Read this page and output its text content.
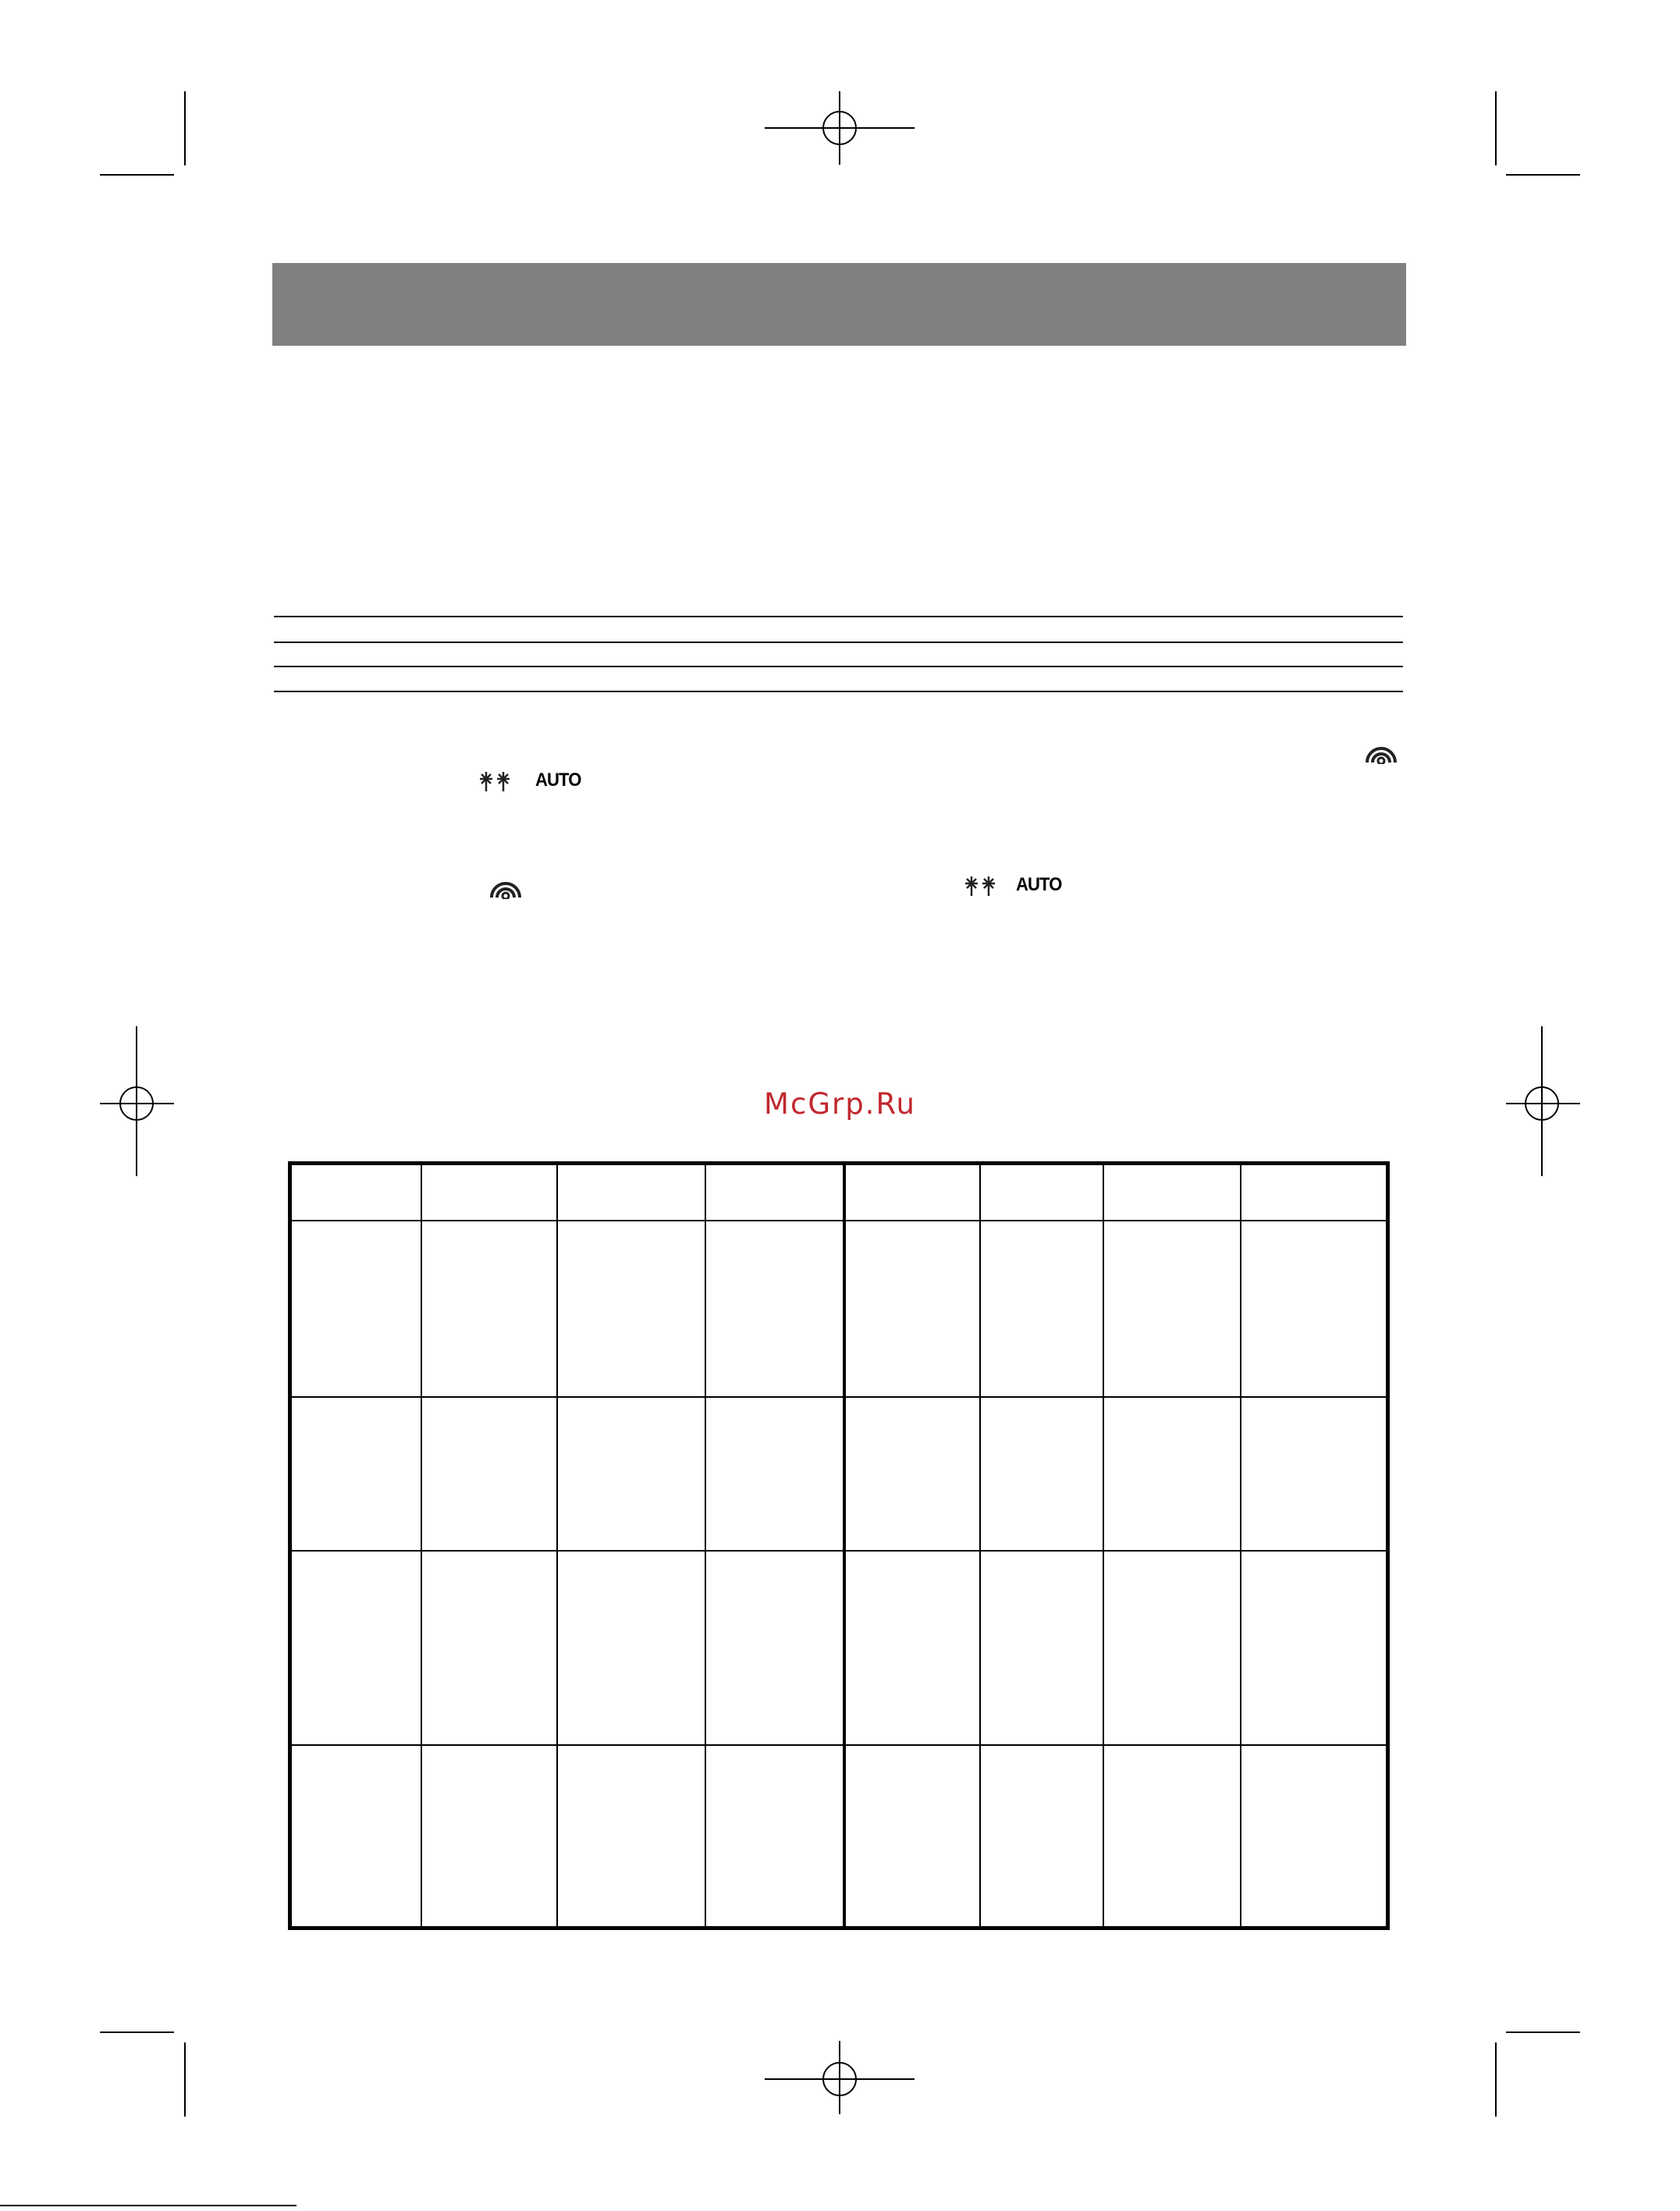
AUTO
AUTO
McGrp.Ru
